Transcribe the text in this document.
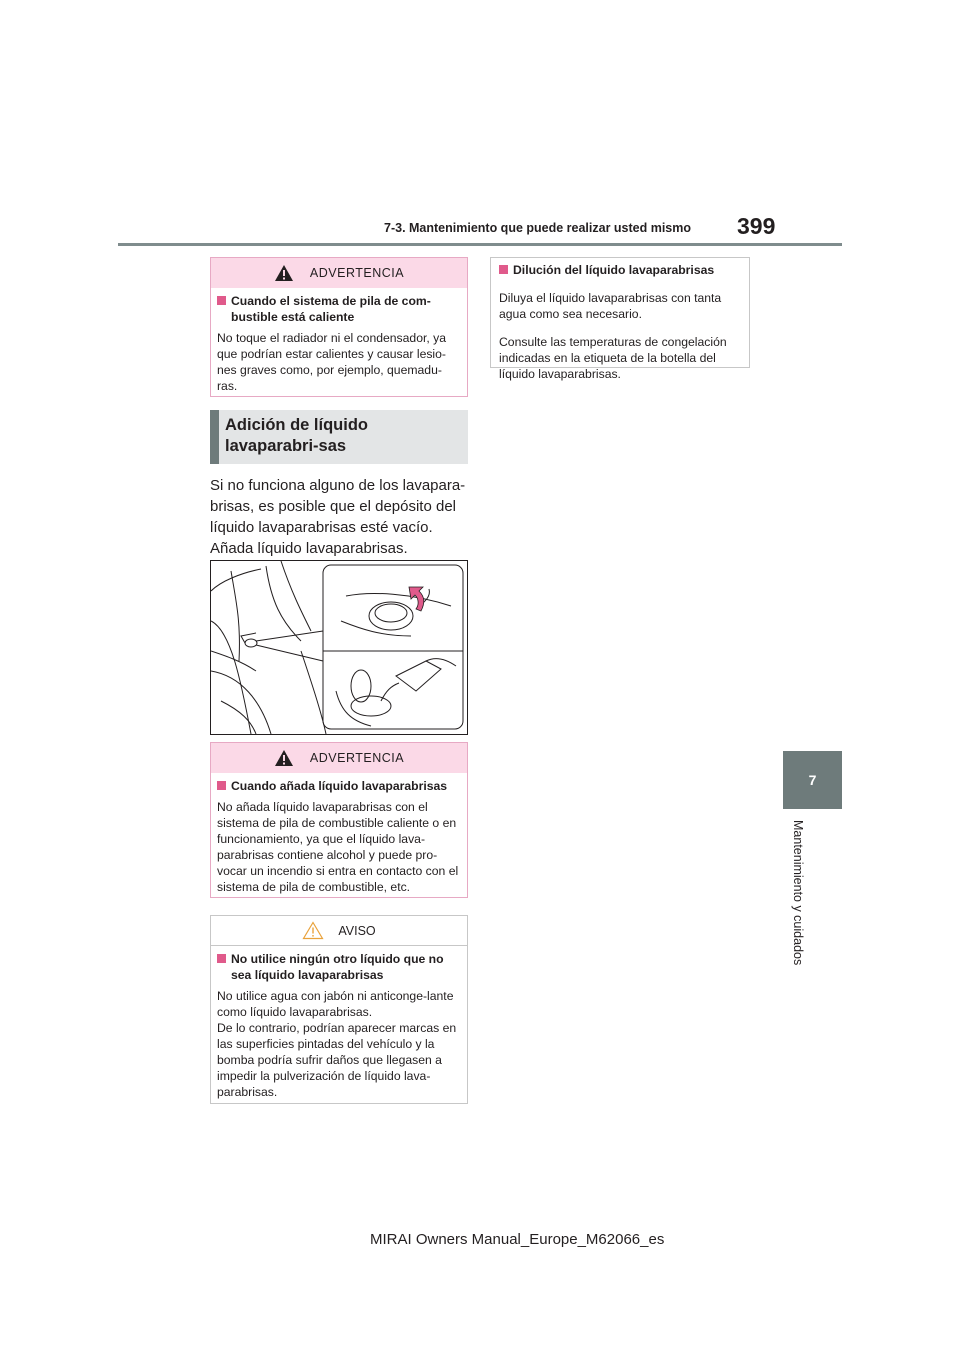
7-3. Mantenimiento que puede realizar usted mismo 399
7
Mantenimiento y cuidados
ADVERTENCIA
Cuando el sistema de pila de com-bustible está caliente

No toque el radiador ni el condensador, ya que podrían estar calientes y causar lesio-nes graves como, por ejemplo, quemadu-ras.

Adición de líquido lavaparabri-sas
Si no funciona alguno de los lavapara-brisas, es posible que el depósito del líquido lavaparabrisas esté vacío. Añada líquido lavaparabrisas.
ADVERTENCIA
Cuando añada líquido lavaparabrisas

No añada líquido lavaparabrisas con el sistema de pila de combustible caliente o en funcionamiento, ya que el líquido lava-parabrisas contiene alcohol y puede pro-vocar un incendio si entra en contacto con el sistema de pila de combustible, etc.

AVISO
No utilice ningún otro líquido que no sea líquido lavaparabrisas

No utilice agua con jabón ni anticonge-lante como líquido lavaparabrisas.

De lo contrario, podrían aparecer marcas en las superficies pintadas del vehículo y la bomba podría sufrir daños que llegasen a impedir la pulverización de líquido lava-parabrisas.

Dilución del líquido lavaparabrisas

Diluya el líquido lavaparabrisas con tanta agua como sea necesario.

Consulte las temperaturas de congelación indicadas en la etiqueta de la botella del líquido lavaparabrisas.

MIRAI Owners Manual_Europe_M62066_es
